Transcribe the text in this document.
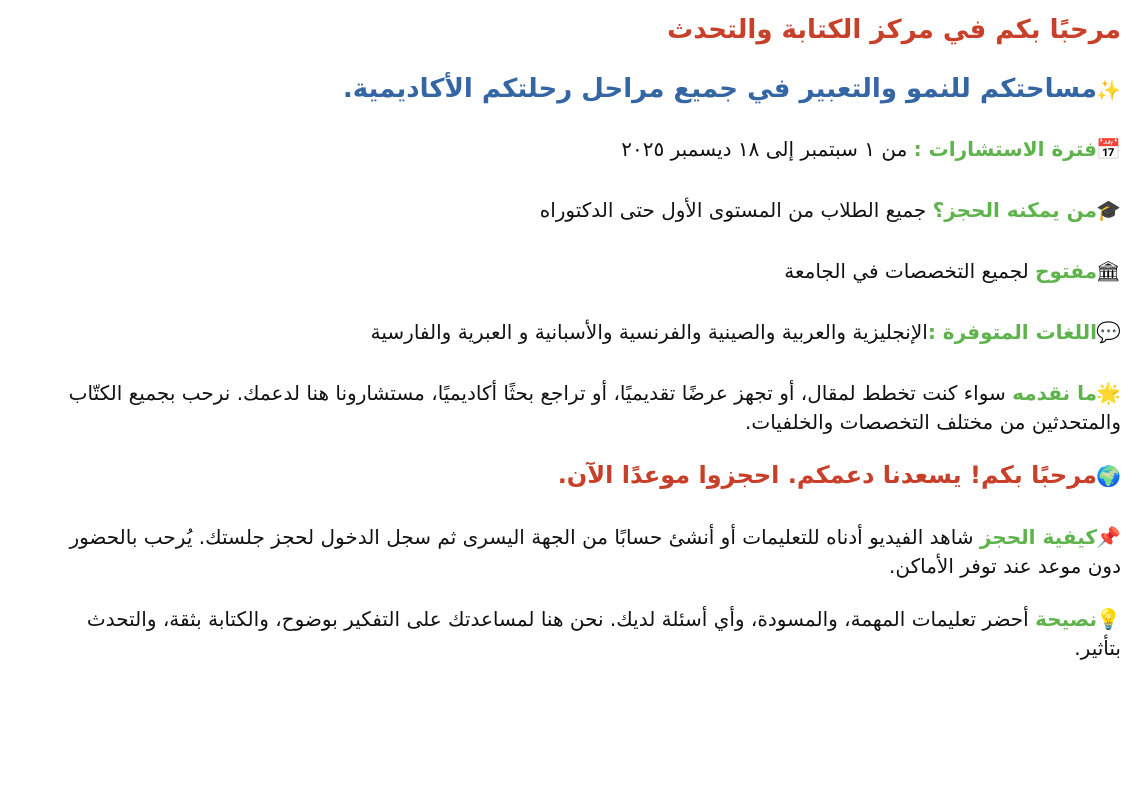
مرحبًا بكم في مركز الكتابة والتحدث
✨مساحتكم للنمو والتعبير في جميع مراحل رحلتكم الأكاديمية.

📅فترة الاستشارات : من ١ سبتمبر إلى ١٨ ديسمبر ٢٠٢٥

🎓من يمكنه الحجز؟ جميع الطلاب من المستوى الأول حتى الدكتوراه

🏛مفتوح لجميع التخصصات في الجامعة

💬اللغات المتوفرة :الإنجليزية والعربية والصينية والفرنسية والأسبانية و العبرية والفارسية

🌟ما نقدمه سواء كنت تخطط لمقال، أو تجهز عرضًا تقديميًا، أو تراجع بحثًا أكاديميًا، مستشارونا هنا لدعمك. نرحب بجميع الكتّاب والمتحدثين من مختلف التخصصات والخلفيات.

🌍مرحبًا بكم! يسعدنا دعمكم. احجزوا موعدًا الآن.

📌كيفية الحجز شاهد الفيديو أدناه للتعليمات أو أنشئ حسابًا من الجهة اليسرى ثم سجل الدخول لحجز جلستك. يُرحب بالحضور دون موعد عند توفر الأماكن.

💡نصيحة أحضر تعليمات المهمة، والمسودة، وأي أسئلة لديك. نحن هنا لمساعدتك على التفكير بوضوح، والكتابة بثقة، والتحدث بتأثير.
